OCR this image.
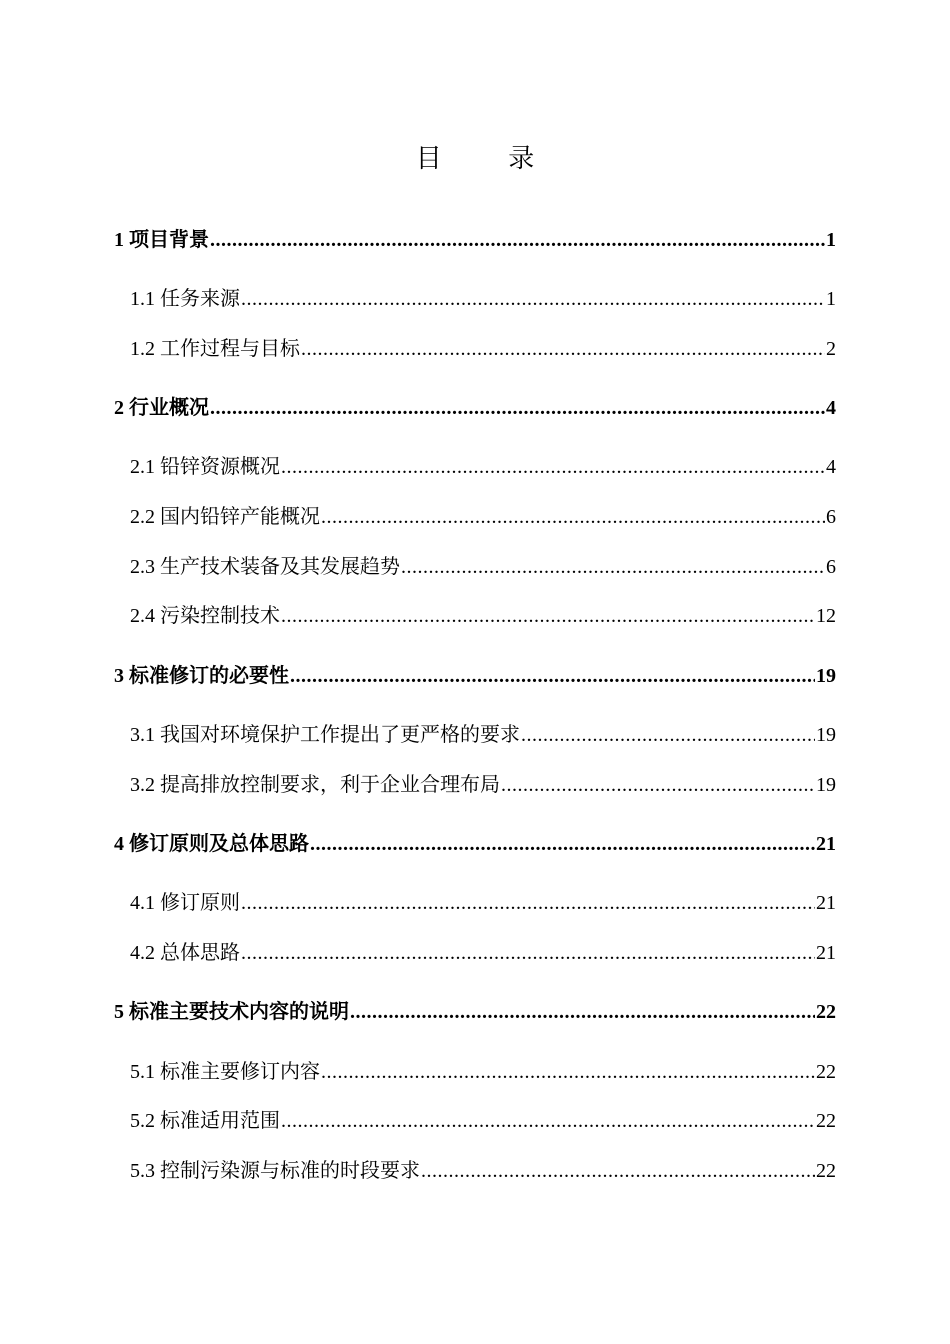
目 录
1 项目背景 .....	1
1.1 任务来源 .....	1
1.2 工作过程与目标 .....	2
2 行业概况 .....	4
2.1 铅锌资源概况 .....	4
2.2 国内铅锌产能概况 .....	6
2.3 生产技术装备及其发展趋势 .....	6
2.4 污染控制技术 .....	12
3 标准修订的必要性 .....	19
3.1 我国对环境保护工作提出了更严格的要求 .....	19
3.2 提高排放控制要求，利于企业合理布局 .....	19
4 修订原则及总体思路 .....	21
4.1 修订原则 .....	21
4.2 总体思路 .....	21
5 标准主要技术内容的说明 .....	22
5.1 标准主要修订内容 .....	22
5.2 标准适用范围 .....	22
5.3 控制污染源与标准的时段要求 .....	22
